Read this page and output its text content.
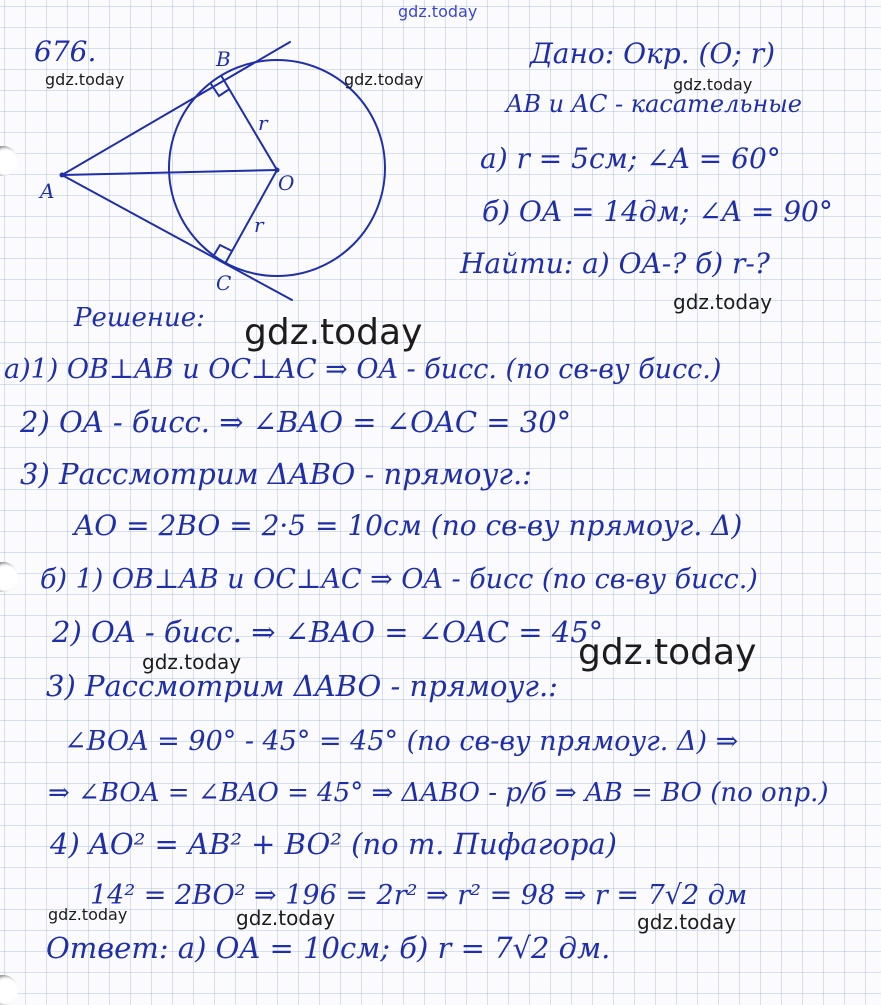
B
A	O
C
r
r
gdz.today
gdz.today	gdz.today	gdz.today
gdz.today
gdz.today
gdz.today	gdz.today
gdz.today	gdz.today	gdz.today
676.	Дано: Окр. (O; r)
AB и AC - касательные
а) r = 5см; ∠A = 60°
б) OA = 14дм; ∠A = 90°
Найти: а) OA-? б) r-?
Решение:
а)1) OB⊥AB и OC⊥AC ⇒ OA - бисс. (по св-ву бисс.)
2) OA - бисс. ⇒ ∠BAO = ∠OAC = 30°
3) Рассмотрим ΔABO - прямоуг.:
AO = 2BO = 2·5 = 10см (по св-ву прямоуг. Δ)
б) 1) OB⊥AB и OC⊥AC ⇒ OA - бисс (по св-ву бисс.)
2) OA - бисс. ⇒ ∠BAO = ∠OAC = 45°
3) Рассмотрим ΔABO - прямоуг.:
∠BOA = 90° - 45° = 45° (по св-ву прямоуг. Δ) ⇒
⇒ ∠BOA = ∠BAO = 45° ⇒ ΔABO - р/б ⇒ AB = BO (по опр.)
4) AO² = AB² + BO² (по т. Пифагора)
14² = 2BO² ⇒ 196 = 2r² ⇒ r² = 98 ⇒ r = 7√2 дм
Ответ: а) OA = 10см; б) r = 7√2 дм.
